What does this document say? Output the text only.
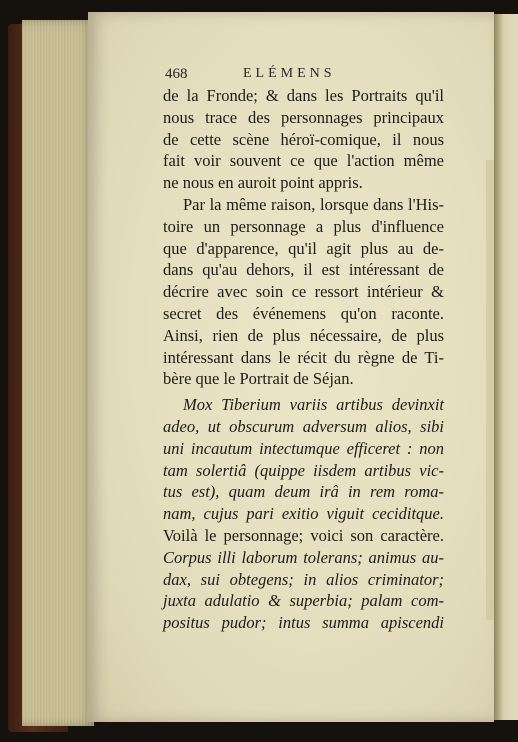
468	ELÉMENS
de la Fronde; & dans les Portraits qu'il
nous trace des personnages principaux
de cette scène héroï-comique, il nous
fait voir souvent ce que l'action même
ne nous en auroit point appris.
Par la même raison, lorsque dans l'His-
toire un personnage a plus d'influence
que d'apparence, qu'il agit plus au de-
dans qu'au dehors, il est intéressant de
décrire avec soin ce ressort intérieur &
secret des événemens qu'on raconte.
Ainsi, rien de plus nécessaire, de plus
intéressant dans le récit du règne de Ti-
bère que le Portrait de Séjan.
Mox Tiberium variis artibus devinxit
adeo, ut obscurum adversum alios, sibi
uni incautum intectumque efficeret : non
tam solertiâ (quippe iisdem artibus vic-
tus est), quam deum irâ in rem roma-
nam, cujus pari exitio viguit ceciditque.
Voilà le personnage; voici son caractère.
Corpus illi laborum tolerans; animus au-
dax, sui obtegens; in alios criminator;
juxta adulatio & superbia; palam com-
positus pudor; intus summa apiscendi
